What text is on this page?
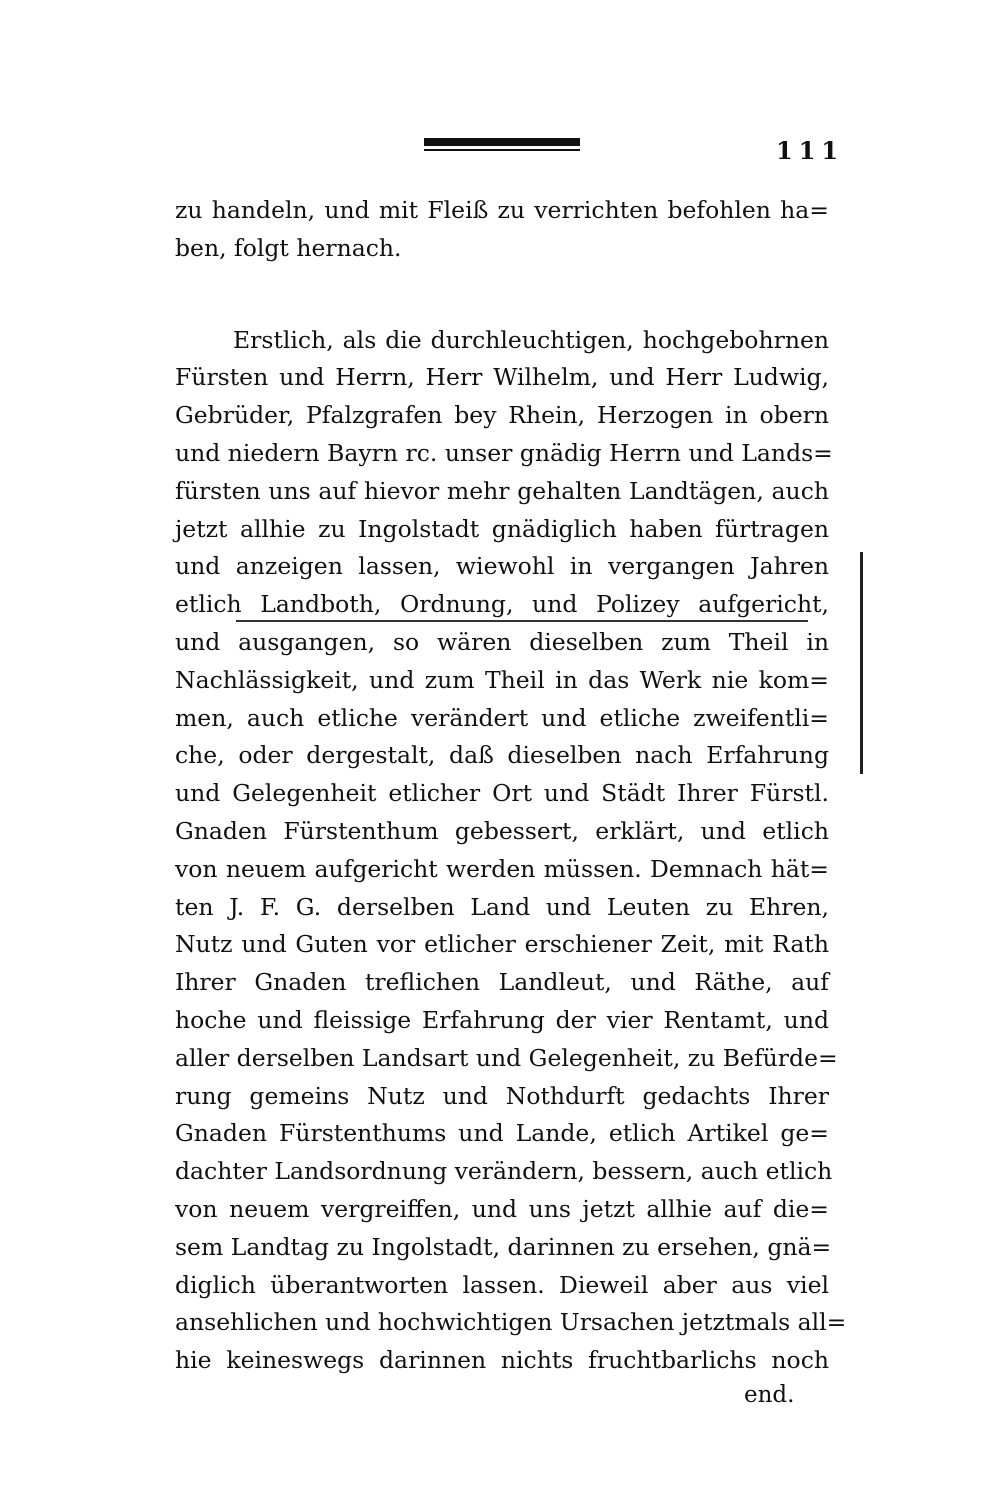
111
zu handeln, und mit Fleiß zu verrichten befohlen ha=
ben, folgt hernach.
Erstlich, als die durchleuchtigen, hochgebohrnen
Fürsten und Herrn, Herr Wilhelm, und Herr Ludwig,
Gebrüder, Pfalzgrafen bey Rhein, Herzogen in obern
und niedern Bayrn rc. unser gnädig Herrn und Lands=
fürsten uns auf hievor mehr gehalten Landtägen, auch
jetzt allhie zu Ingolstadt gnädiglich haben fürtragen
und anzeigen lassen, wiewohl in vergangen Jahren
etlich Landboth, Ordnung, und Polizey aufgericht,
und ausgangen, so wären dieselben zum Theil in
Nachlässigkeit, und zum Theil in das Werk nie kom=
men, auch etliche verändert und etliche zweifentli=
che, oder dergestalt, daß dieselben nach Erfahrung
und Gelegenheit etlicher Ort und Städt Ihrer Fürstl.
Gnaden Fürstenthum gebessert, erklärt, und etlich
von neuem aufgericht werden müssen. Demnach hät=
ten J. F. G. derselben Land und Leuten zu Ehren,
Nutz und Guten vor etlicher erschiener Zeit, mit Rath
Ihrer Gnaden treflichen Landleut, und Räthe, auf
hoche und fleissige Erfahrung der vier Rentamt, und
aller derselben Landsart und Gelegenheit, zu Befürde=
rung gemeins Nutz und Nothdurft gedachts Ihrer
Gnaden Fürstenthums und Lande, etlich Artikel ge=
dachter Landsordnung verändern, bessern, auch etlich
von neuem vergreiffen, und uns jetzt allhie auf die=
sem Landtag zu Ingolstadt, darinnen zu ersehen, gnä=
diglich überantworten lassen. Dieweil aber aus viel
ansehlichen und hochwichtigen Ursachen jetztmals all=
hie keineswegs darinnen nichts fruchtbarlichs noch
end.
